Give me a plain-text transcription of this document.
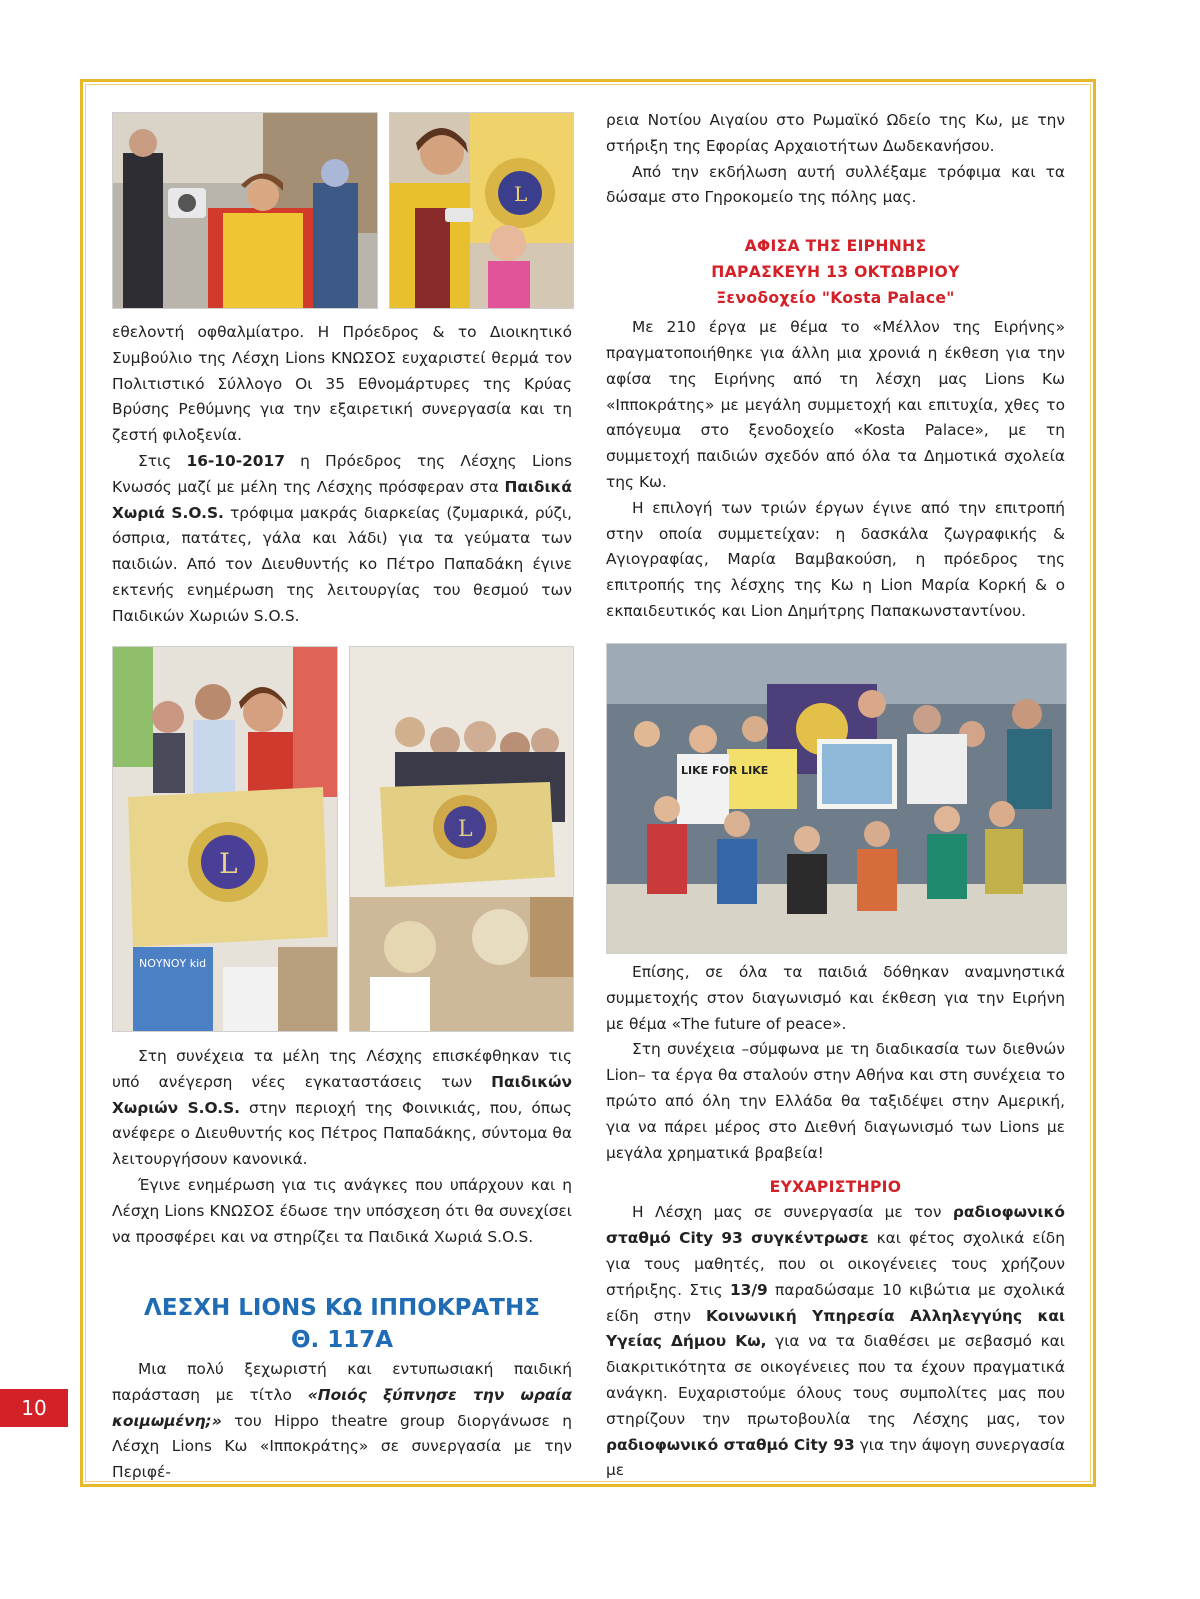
L
L
ΝΟΥΝΟΥ kid
L
LIKE FOR LIKE

εθελοντή οφθαλμίατρο. Η Πρόεδρος & το Διοικητικό Συμβούλιο της Λέσχη Lions ΚΝΩΣΟΣ ευχαριστεί θερμά τον Πολιτιστικό Σύλλογο Οι 35 Εθνομάρτυρες της Κρύας Βρύσης Ρεθύμνης για την εξαιρετική συνεργασία και τη ζεστή φιλοξενία.

Στις 16-10-2017 η Πρόεδρος της Λέσχης Lions Κνωσός μαζί με μέλη της Λέσχης πρόσφεραν στα Παιδικά Χωριά S.O.S. τρόφιμα μακράς διαρκείας (ζυμαρικά, ρύζι, όσπρια, πατάτες, γάλα και λάδι) για τα γεύματα των παιδιών. Από τον Διευθυντής κο Πέτρο Παπαδάκη έγινε εκτενής ενημέρωση της λειτουργίας του θεσμού των Παιδικών Χωριών S.O.S.

Στη συνέχεια τα μέλη της Λέσχης επισκέφθηκαν τις υπό ανέγερση νέες εγκαταστάσεις των Παιδικών Χωριών S.O.S. στην περιοχή της Φοινικιάς, που, όπως ανέφερε ο Διευθυντής κος Πέτρος Παπαδάκης, σύντομα θα λειτουργήσουν κανονικά.

Έγινε ενημέρωση για τις ανάγκες που υπάρχουν και η Λέσχη Lions ΚΝΩΣΟΣ έδωσε την υπόσχεση ότι θα συνεχίσει να προσφέρει και να στηρίζει τα Παιδικά Χωριά S.O.S.

ΛΕΣΧΗ LIONS ΚΩ ΙΠΠΟΚΡΑΤΗΣ
Θ. 117Α

Μια πολύ ξεχωριστή και εντυπωσιακή παιδική παράσταση με τίτλο «Ποιός ξύπνησε την ωραία κοιμωμένη;» του Hippo theatre group διοργάνωσε η Λέσχη Lions Κω «Ιπποκράτης» σε συνεργασία με την Περιφέ-

ρεια Νοτίου Αιγαίου στο Ρωμαϊκό Ωδείο της Κω, με την στήριξη της Εφορίας Αρχαιοτήτων Δωδεκανήσου.

Από την εκδήλωση αυτή συλλέξαμε τρόφιμα και τα δώσαμε στο Γηροκομείο της πόλης μας.

ΑΦΙΣΑ ΤΗΣ ΕΙΡΗΝΗΣ
ΠΑΡΑΣΚΕΥΗ 13 ΟΚΤΩΒΡΙΟΥ
Ξενοδοχείο "Kosta Palace"

Με 210 έργα με θέμα το «Μέλλον της Ειρήνης» πραγματοποιήθηκε για άλλη μια χρονιά η έκθεση για την αφίσα της Ειρήνης από τη λέσχη μας Lions Κω «Ιπποκράτης» με μεγάλη συμμετοχή και επιτυχία, χθες το απόγευμα στο ξενοδοχείο «Kosta Palace», με τη συμμετοχή παιδιών σχεδόν από όλα τα Δημοτικά σχολεία της Κω.

Η επιλογή των τριών έργων έγινε από την επιτροπή στην οποία συμμετείχαν: η δασκάλα ζωγραφικής & Αγιογραφίας, Μαρία Βαμβακούση, η πρόεδρος της επιτροπής της λέσχης της Κω η Lion Μαρία Κορκή & ο εκπαιδευτικός και Lion Δημήτρης Παπακωνσταντίνου.

Επίσης, σε όλα τα παιδιά δόθηκαν αναμνηστικά συμμετοχής στον διαγωνισμό και έκθεση για την Ειρήνη με θέμα «The future of peace».

Στη συνέχεια –σύμφωνα με τη διαδικασία των διεθνών Lion– τα έργα θα σταλούν στην Αθήνα και στη συνέχεια το πρώτο από όλη την Ελλάδα θα ταξιδέψει στην Αμερική, για να πάρει μέρος στο Διεθνή διαγωνισμό των Lions με μεγάλα χρηματικά βραβεία!

ΕΥΧΑΡΙΣΤΗΡΙΟ

Η Λέσχη μας σε συνεργασία με τον ραδιοφωνικό σταθμό City 93 συγκέντρωσε και φέτος σχολικά είδη για τους μαθητές, που οι οικογένειες τους χρήζουν στήριξης. Στις 13/9 παραδώσαμε 10 κιβώτια με σχολικά είδη στην Κοινωνική Υπηρεσία Αλληλεγγύης και Υγείας Δήμου Κω, για να τα διαθέσει με σεβασμό και διακριτικότητα σε οικογένειες που τα έχουν πραγματικά ανάγκη. Ευχαριστούμε όλους τους συμπολίτες μας που στηρίζουν την πρωτοβουλία της Λέσχης μας, τον ραδιοφωνικό σταθμό City 93 για την άψογη συνεργασία με

10
